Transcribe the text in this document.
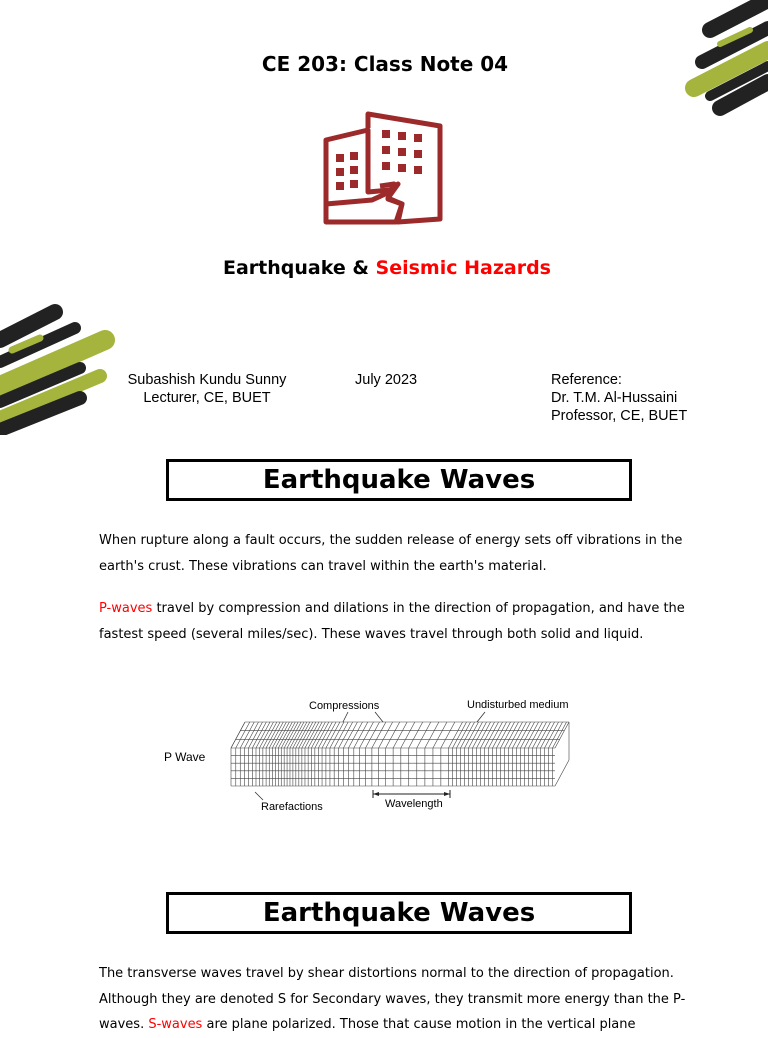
CE 203: Class Note 04
Earthquake & Seismic Hazards
Subashish Kundu Sunny
Lecturer, CE, BUET
July 2023	Reference:
Dr. T.M. Al-Hussaini
Professor, CE, BUET
Earthquake Waves
When rupture along a fault occurs, the sudden release of energy sets off vibrations in the earth's crust. These vibrations can travel within the earth's material.
P-waves travel by compression and dilations in the direction of propagation, and have the fastest speed (several miles/sec). These waves travel through both solid and liquid.
P Wave
Compressions	Undisturbed medium
Rarefactions	Wavelength
Earthquake Waves
The transverse waves travel by shear distortions normal to the direction of propagation. Although they are denoted S for Secondary waves, they transmit more energy than the P-waves. S-waves are plane polarized. Those that cause motion in the vertical plane
